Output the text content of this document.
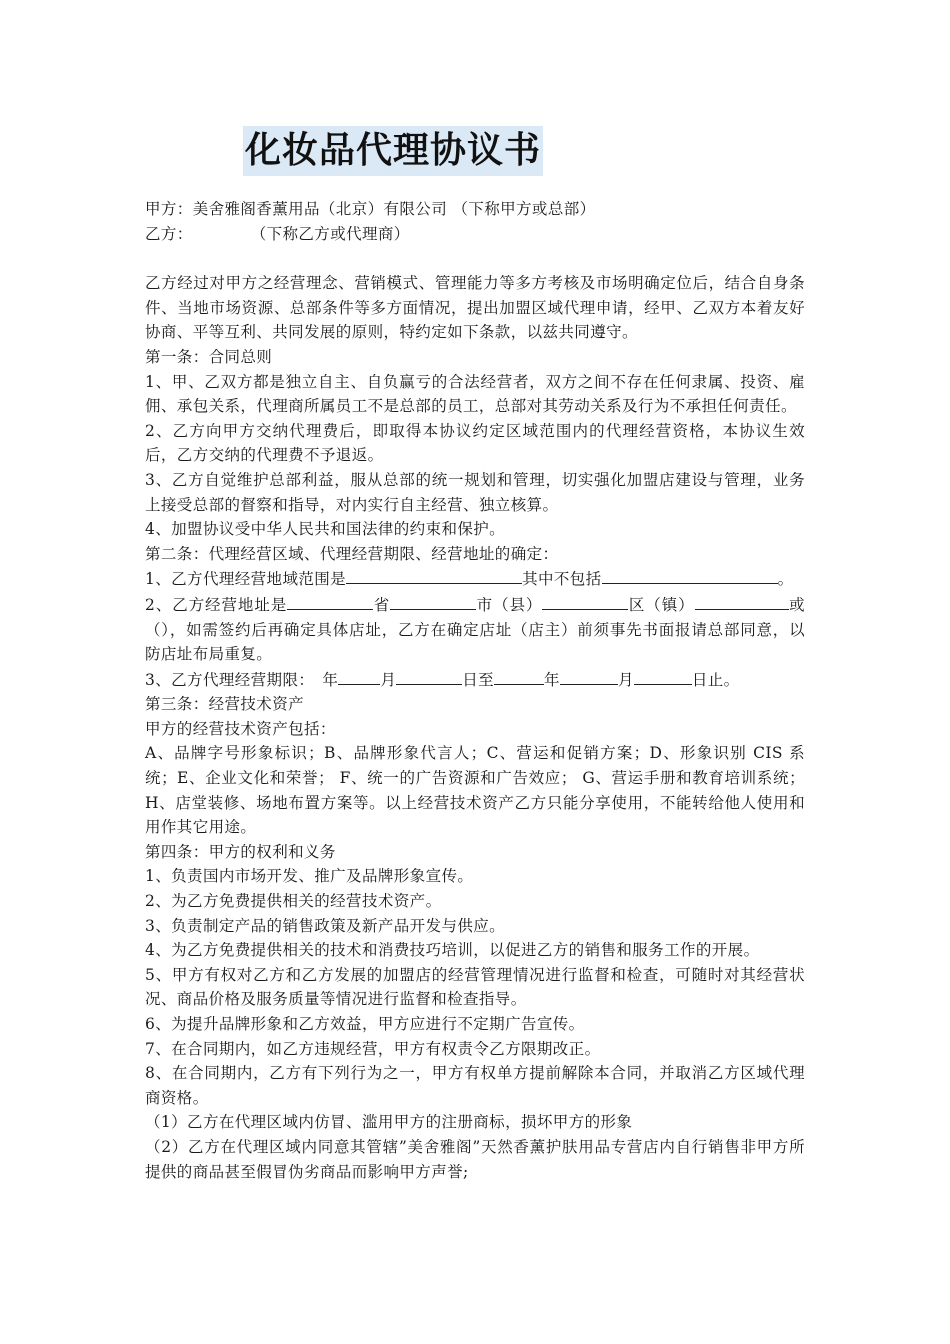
化妆品代理协议书

甲方：美舍雅阁香薰用品（北京）有限公司 （下称甲方或总部）

乙方：	（下称乙方或代理商）

乙方经过对甲方之经营理念、营销模式、管理能力等多方考核及市场明确定位后，结合自身条件、当地市场资源、总部条件等多方面情况，提出加盟区域代理申请，经甲、乙双方本着友好协商、平等互利、共同发展的原则，特约定如下条款，以兹共同遵守。

第一条：合同总则

1、甲、乙双方都是独立自主、自负赢亏的合法经营者，双方之间不存在任何隶属、投资、雇佣、承包关系，代理商所属员工不是总部的员工，总部对其劳动关系及行为不承担任何责任。

2、乙方向甲方交纳代理费后，即取得本协议约定区域范围内的代理经营资格，本协议生效后，乙方交纳的代理费不予退返。

3、乙方自觉维护总部利益，服从总部的统一规划和管理，切实强化加盟店建设与管理，业务上接受总部的督察和指导，对内实行自主经营、独立核算。

4、加盟协议受中华人民共和国法律的约束和保护。

第二条：代理经营区域、代理经营期限、经营地址的确定：

1、乙方代理经营地域范围是	其中不包括	。

2、乙方经营地址是	省	市（县）	区（镇）	或（），如需签约后再确定具体店址，乙方在确定店址（店主）前须事先书面报请总部同意，以防店址布局重复。

3、乙方代理经营期限：　年	月	日至	年	月	日止。

第三条：经营技术资产

甲方的经营技术资产包括：

A、品牌字号形象标识；B、品牌形象代言人；C、营运和促销方案；D、形象识别 CIS 系统；E、企业文化和荣誉； F、统一的广告资源和广告效应； G、营运手册和教育培训系统； H、店堂装修、场地布置方案等。以上经营技术资产乙方只能分享使用，不能转给他人使用和用作其它用途。

第四条：甲方的权利和义务

1、负责国内市场开发、推广及品牌形象宣传。

2、为乙方免费提供相关的经营技术资产。

3、负责制定产品的销售政策及新产品开发与供应。

4、为乙方免费提供相关的技术和消费技巧培训，以促进乙方的销售和服务工作的开展。

5、甲方有权对乙方和乙方发展的加盟店的经营管理情况进行监督和检查，可随时对其经营状况、商品价格及服务质量等情况进行监督和检查指导。

6、为提升品牌形象和乙方效益，甲方应进行不定期广告宣传。

7、在合同期内，如乙方违规经营，甲方有权责令乙方限期改正。

8、在合同期内，乙方有下列行为之一，甲方有权单方提前解除本合同，并取消乙方区域代理商资格。

（1）乙方在代理区域内仿冒、滥用甲方的注册商标，损坏甲方的形象

（2）乙方在代理区域内同意其管辖”美舍雅阁”天然香薰护肤用品专营店内自行销售非甲方所提供的商品甚至假冒伪劣商品而影响甲方声誉;
